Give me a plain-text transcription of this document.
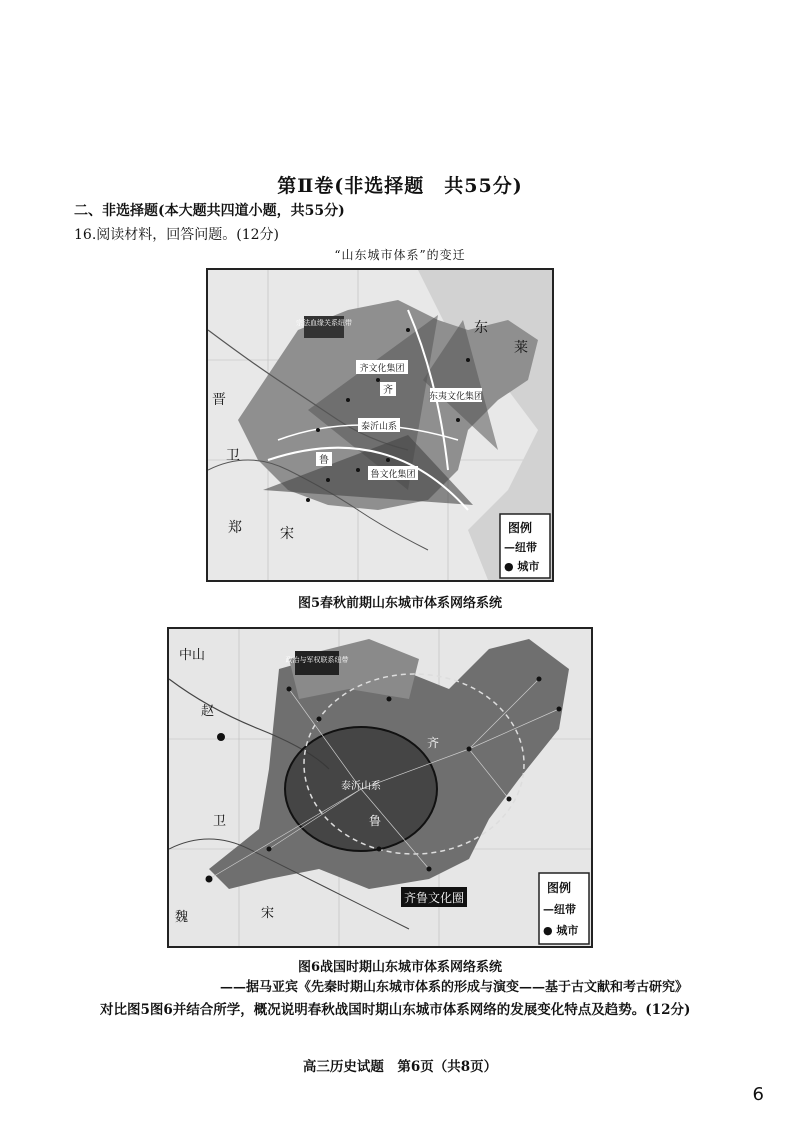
第Ⅱ卷(非选择题　共55分)
二、非选择题(本大题共四道小题，共55分)
16.阅读材料，回答问题。(12分)
“山东城市体系”的变迁
宗法血缘关系纽带
齐文化集团
齐
东夷文化集团
泰沂山系
鲁
鲁文化集团
东
莱
晋
卫
郑	宋	图例
—纽带
● 城市
图5春秋前期山东城市体系网络系统
政治与军权联系纽带
中山
赵
齐
泰沂山系
鲁
卫
魏	宋
齐鲁文化圈
图例
—纽带
● 城市
图6战国时期山东城市体系网络系统
——据马亚宾《先秦时期山东城市体系的形成与演变——基于古文献和考古研究》
对比图5图6并结合所学，概况说明春秋战国时期山东城市体系网络的发展变化特点及趋势。(12分)
高三历史试题　第6页（共8页）
6
